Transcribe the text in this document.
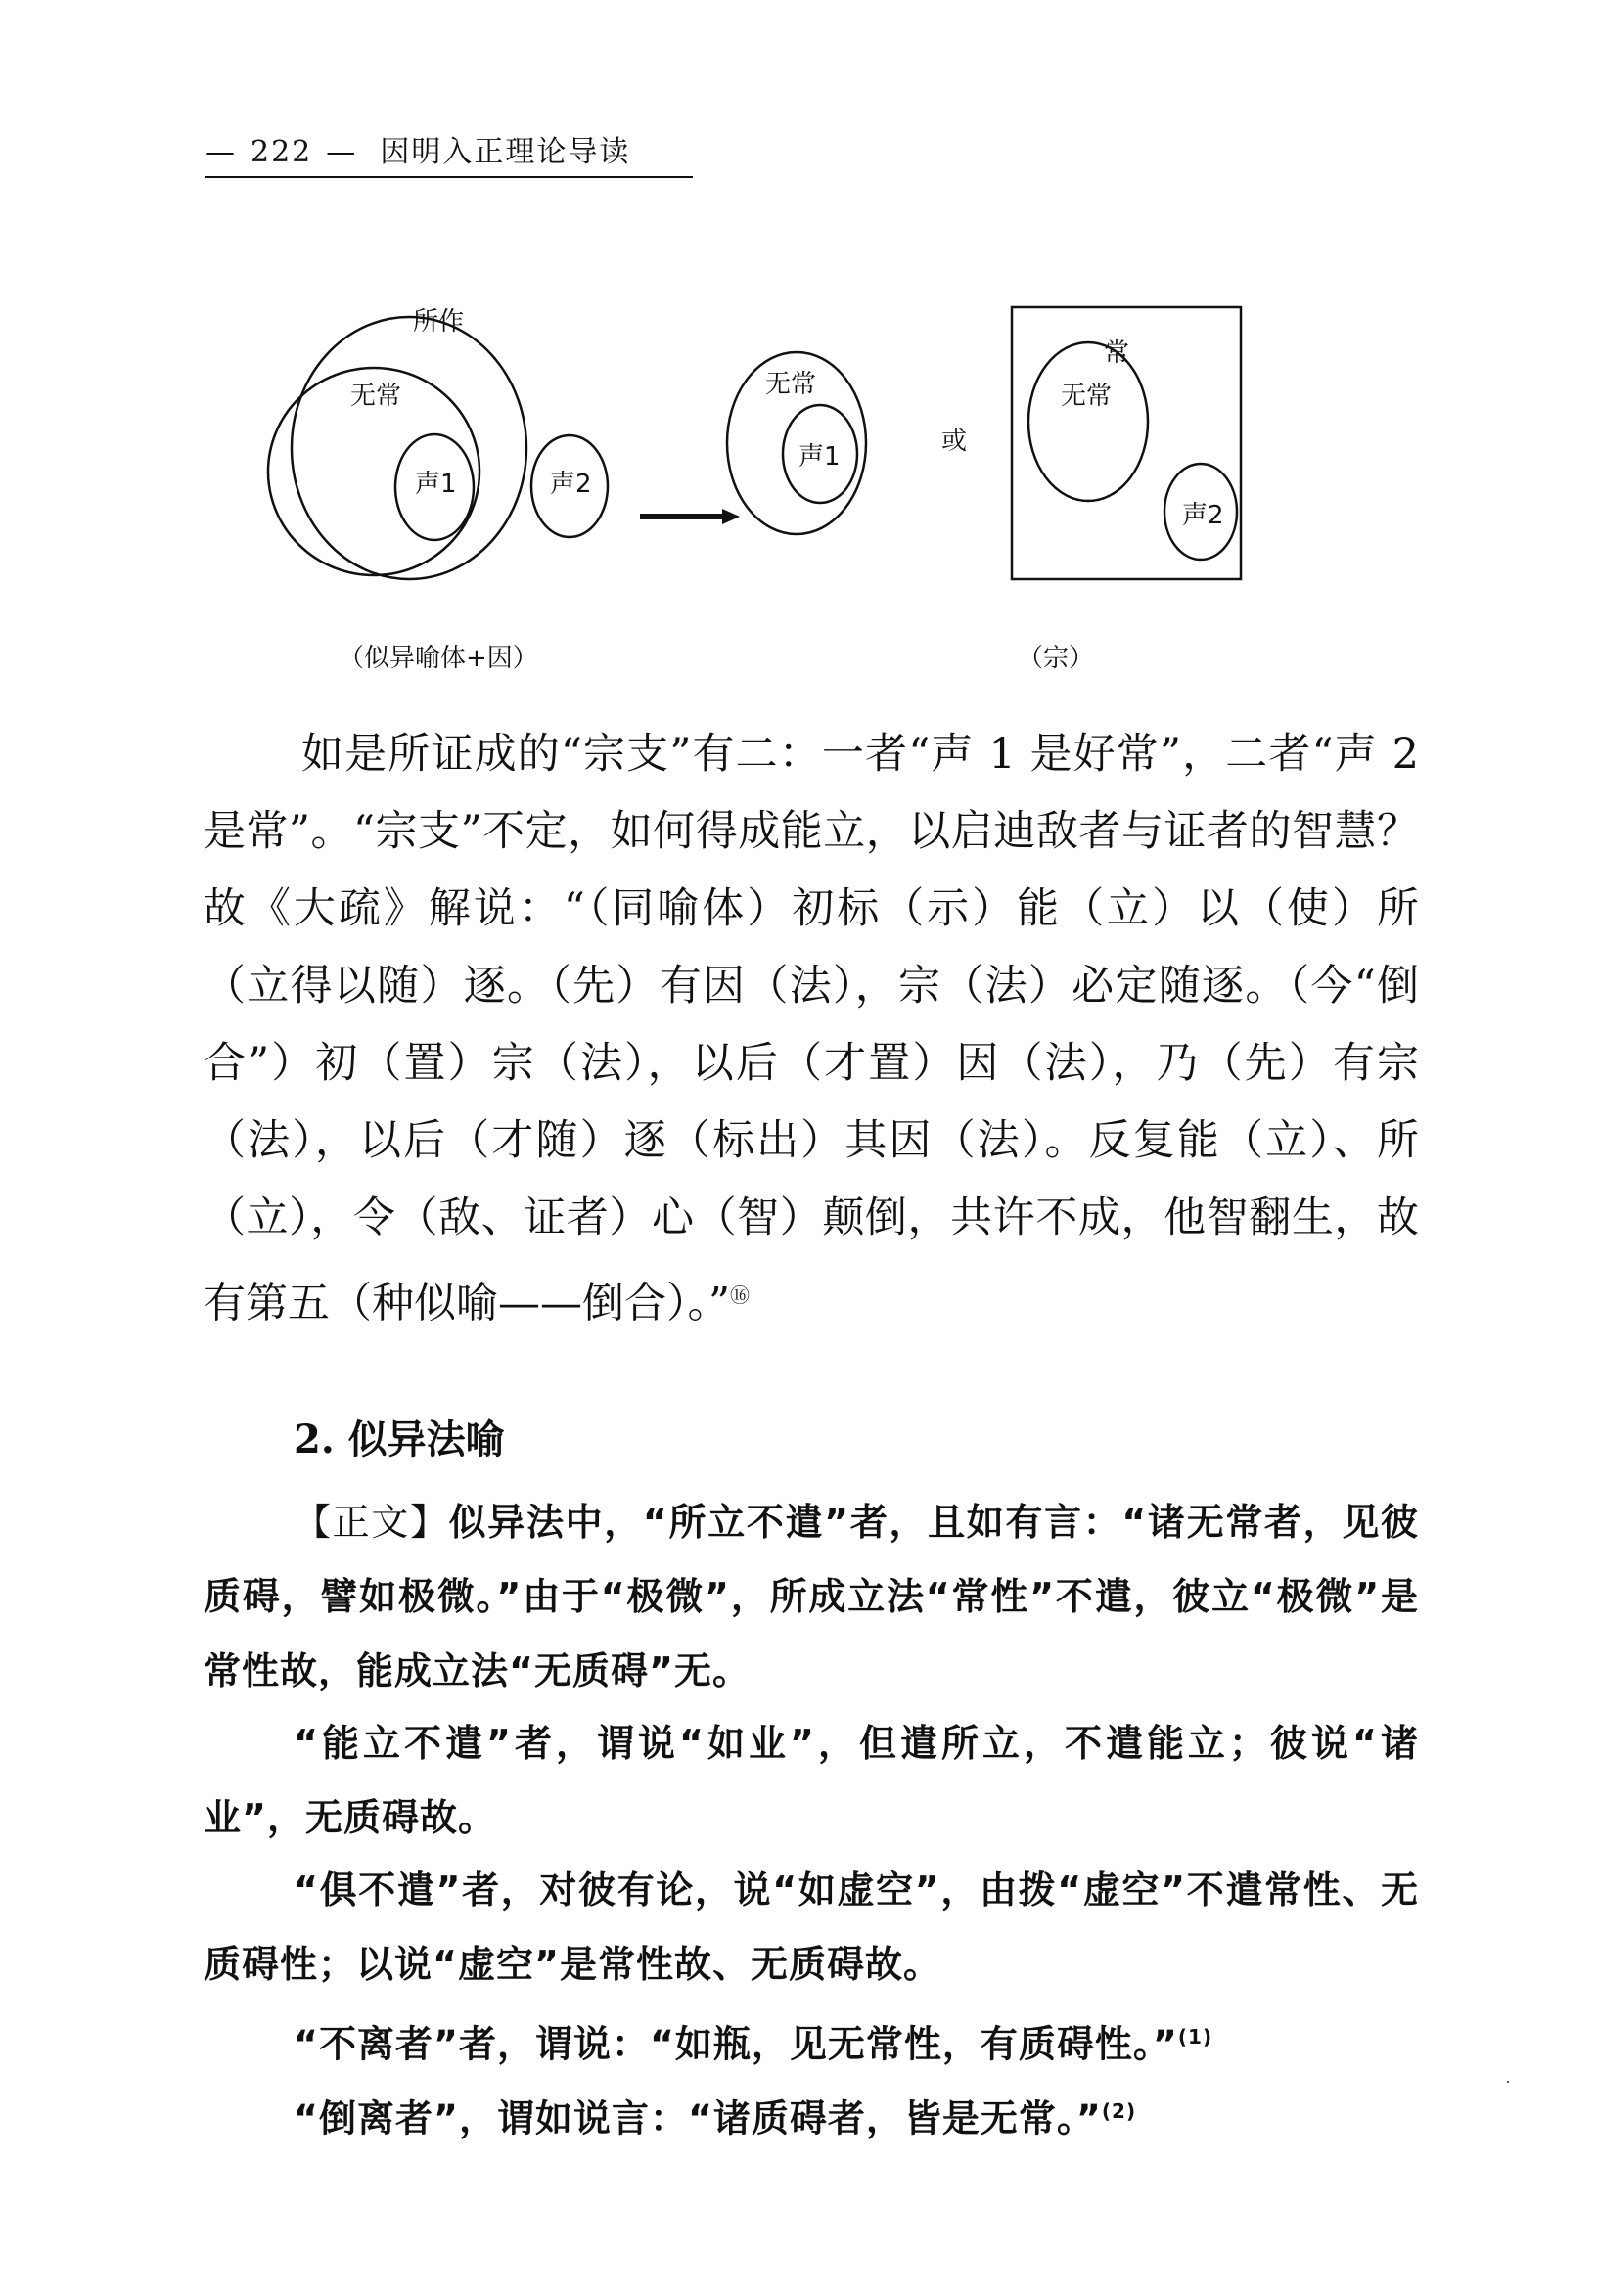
— 222 — 因明入正理论导读
所作
无常
声1	声2
（似异喻体+因）
无常
声1
或
常
无常
声2
（宗）
如是所证成的“宗支”有二：一者“声 1 是好常”，二者“声 2 是常”。“宗支”不定，如何得成能立，以启迪敌者与证者的智慧？故《大疏》解说：“（同喻体）初标（示）能（立）以（使）所（立得以随）逐。（先）有因（法），宗（法）必定随逐。（今“倒合”）初（置）宗（法），以后（才置）因（法），乃（先）有宗（法），以后（才随）逐（标出）其因（法）。反复能（立）、所（立），令（敌、证者）心（智）颠倒，共许不成，他智翻生，故有第五（种似喻——倒合）。”⑯
2. 似异法喻
【正文】似异法中，“所立不遣”者，且如有言：“诸无常者，见彼质碍，譬如极微。”由于“极微”，所成立法“常性”不遣，彼立“极微”是常性故，能成立法“无质碍”无。
“能立不遣”者，谓说“如业”，但遣所立，不遣能立；彼说“诸业”，无质碍故。
“俱不遣”者，对彼有论，说“如虚空”，由拨“虚空”不遣常性、无质碍性；以说“虚空”是常性故、无质碍故。
“不离者”者，谓说：“如瓶，见无常性，有质碍性。”$^{(1)}$
“倒离者”，谓如说言：“诸质碍者，皆是无常。”$^{(2)}$
